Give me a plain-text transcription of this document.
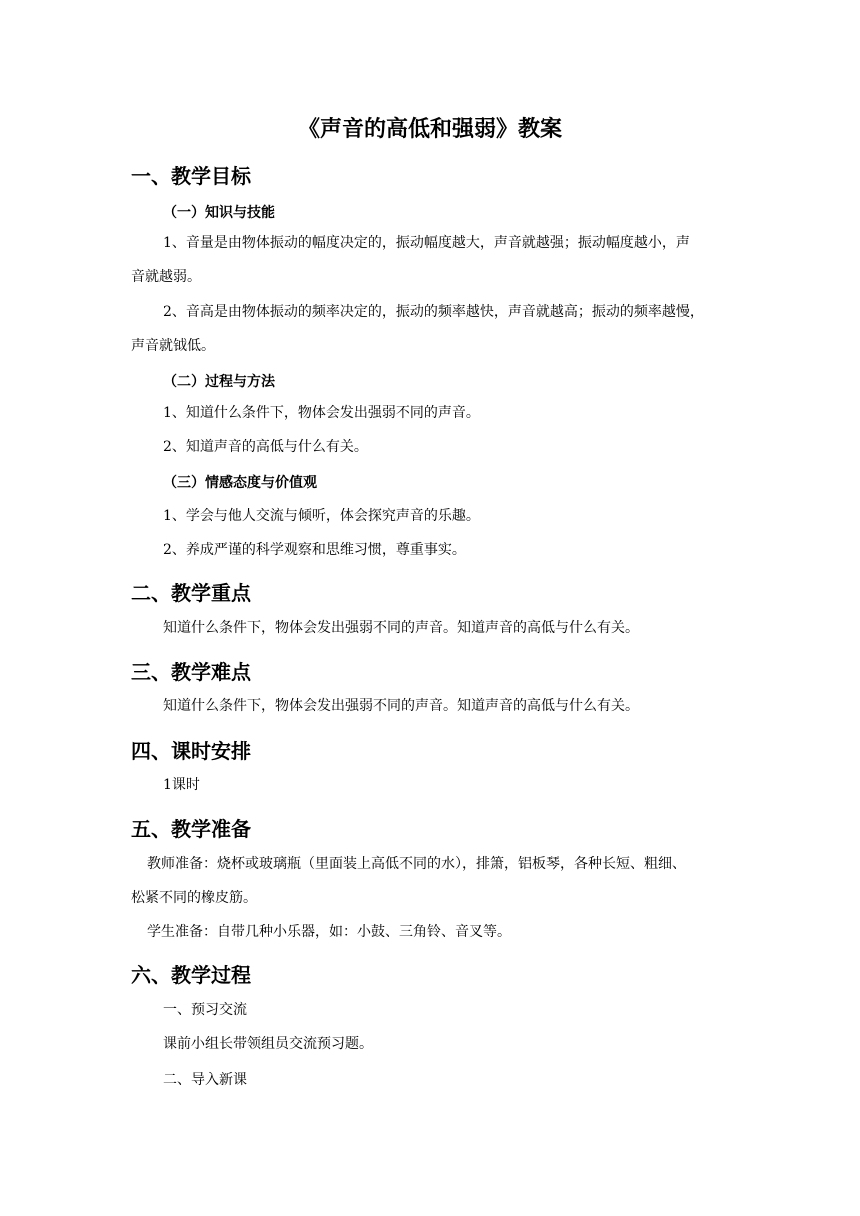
《声音的高低和强弱》教案
一、教学目标
（一）知识与技能
1、音量是由物体振动的幅度决定的，振动幅度越大，声音就越强；振动幅度越小，声
音就越弱。
2、音高是由物体振动的频率决定的，振动的频率越快，声音就越高；振动的频率越慢，
声音就钺低。
（二）过程与方法
1、知道什么条件下，物体会发出强弱不同的声音。
2、知道声音的高低与什么有关。
（三）情感态度与价值观
1、学会与他人交流与倾听，体会探究声音的乐趣。
2、养成严谨的科学观察和思维习惯，尊重事实。
二、教学重点
知道什么条件下，物体会发出强弱不同的声音。知道声音的高低与什么有关。
三、教学难点
知道什么条件下，物体会发出强弱不同的声音。知道声音的高低与什么有关。
四、课时安排
1课时
五、教学准备
教师准备：烧杯或玻璃瓶（里面装上高低不同的水），排箫，铝板琴，各种长短、粗细、
松紧不同的橡皮筋。
学生准备：自带几种小乐器，如：小鼓、三角铃、音叉等。
六、教学过程
一、预习交流
课前小组长带领组员交流预习题。
二、导入新课
